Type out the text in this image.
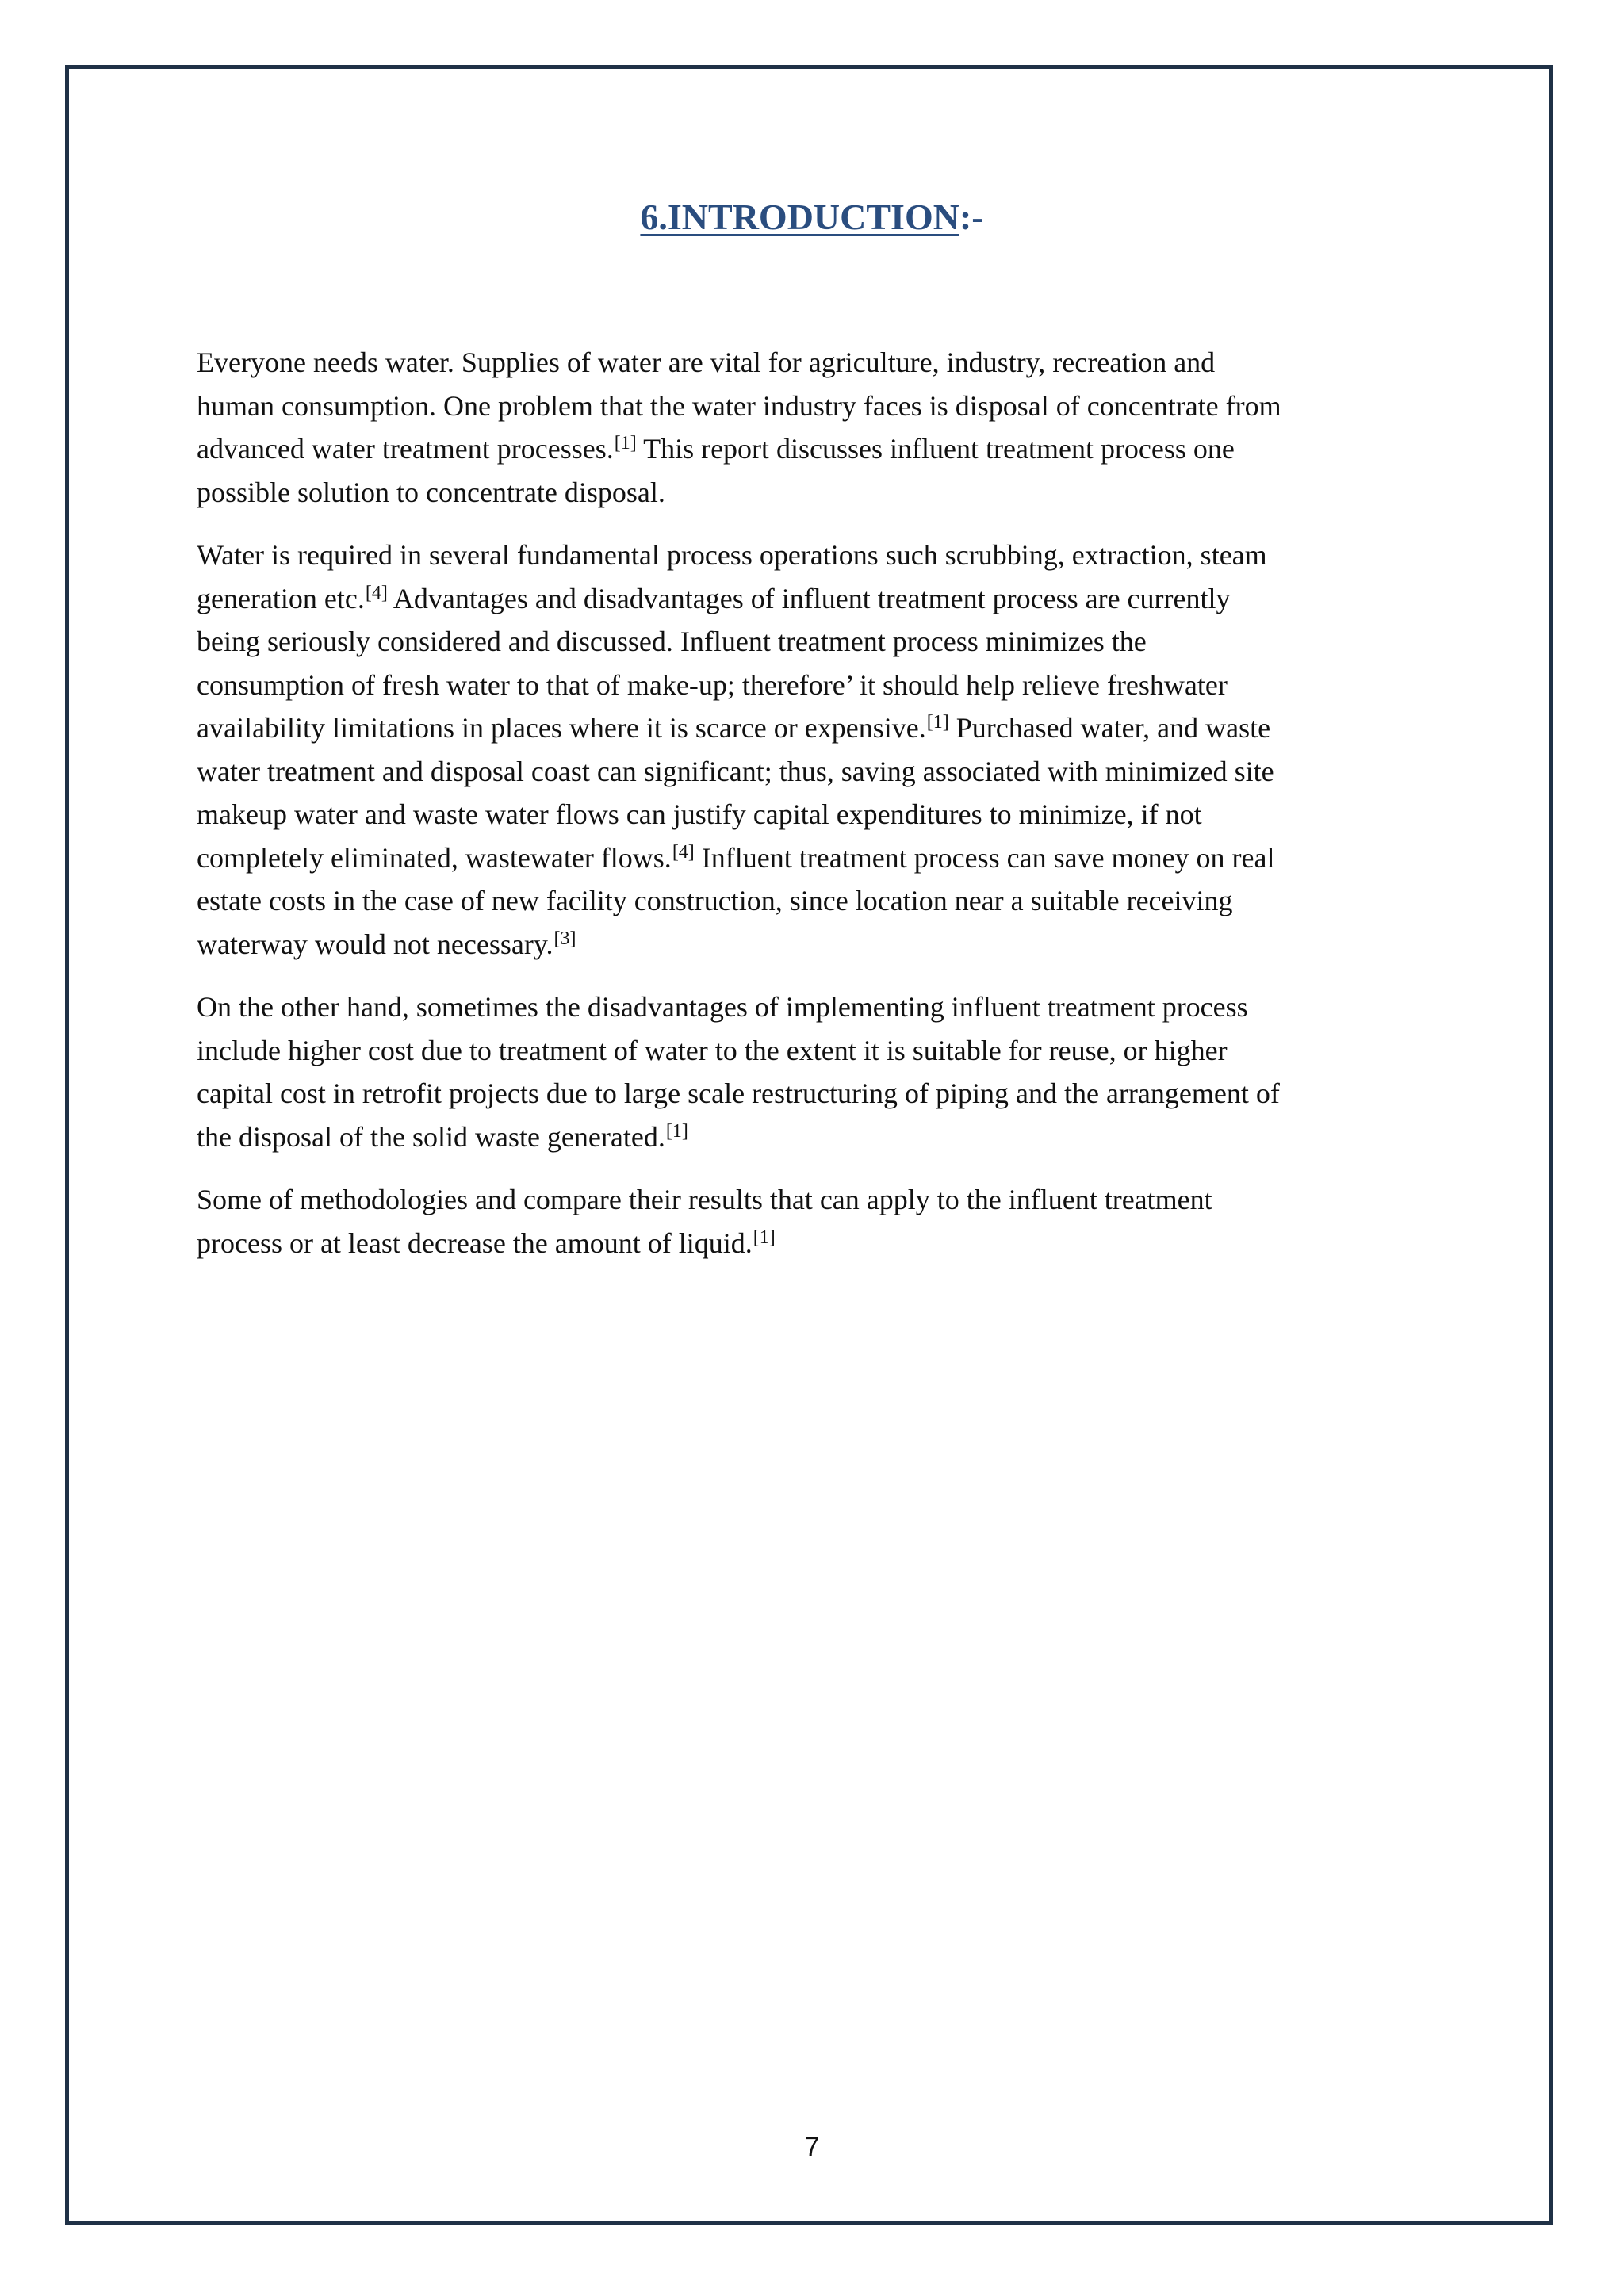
6.INTRODUCTION:-

Everyone needs water. Supplies of water are vital for agriculture, industry, recreation and
human consumption. One problem that the water industry faces is disposal of concentrate from
advanced water treatment processes.[1] This report discusses influent treatment process one
possible solution to concentrate disposal.

Water is required in several fundamental process operations such scrubbing, extraction, steam
generation etc.[4] Advantages and disadvantages of influent treatment process are currently
being seriously considered and discussed. Influent treatment process minimizes the
consumption of fresh water to that of make-up; therefore’ it should help relieve freshwater
availability limitations in places where it is scarce or expensive.[1] Purchased water, and waste
water treatment and disposal coast can significant; thus, saving associated with minimized site
makeup water and waste water flows can justify capital expenditures to minimize, if not
completely eliminated, wastewater flows.[4] Influent treatment process can save money on real
estate costs in the case of new facility construction, since location near a suitable receiving
waterway would not necessary.[3]

On the other hand, sometimes the disadvantages of implementing influent treatment process
include higher cost due to treatment of water to the extent it is suitable for reuse, or higher
capital cost in retrofit projects due to large scale restructuring of piping and the arrangement of
the disposal of the solid waste generated.[1]

Some of methodologies and compare their results that can apply to the influent treatment
process or at least decrease the amount of liquid.[1]

7
